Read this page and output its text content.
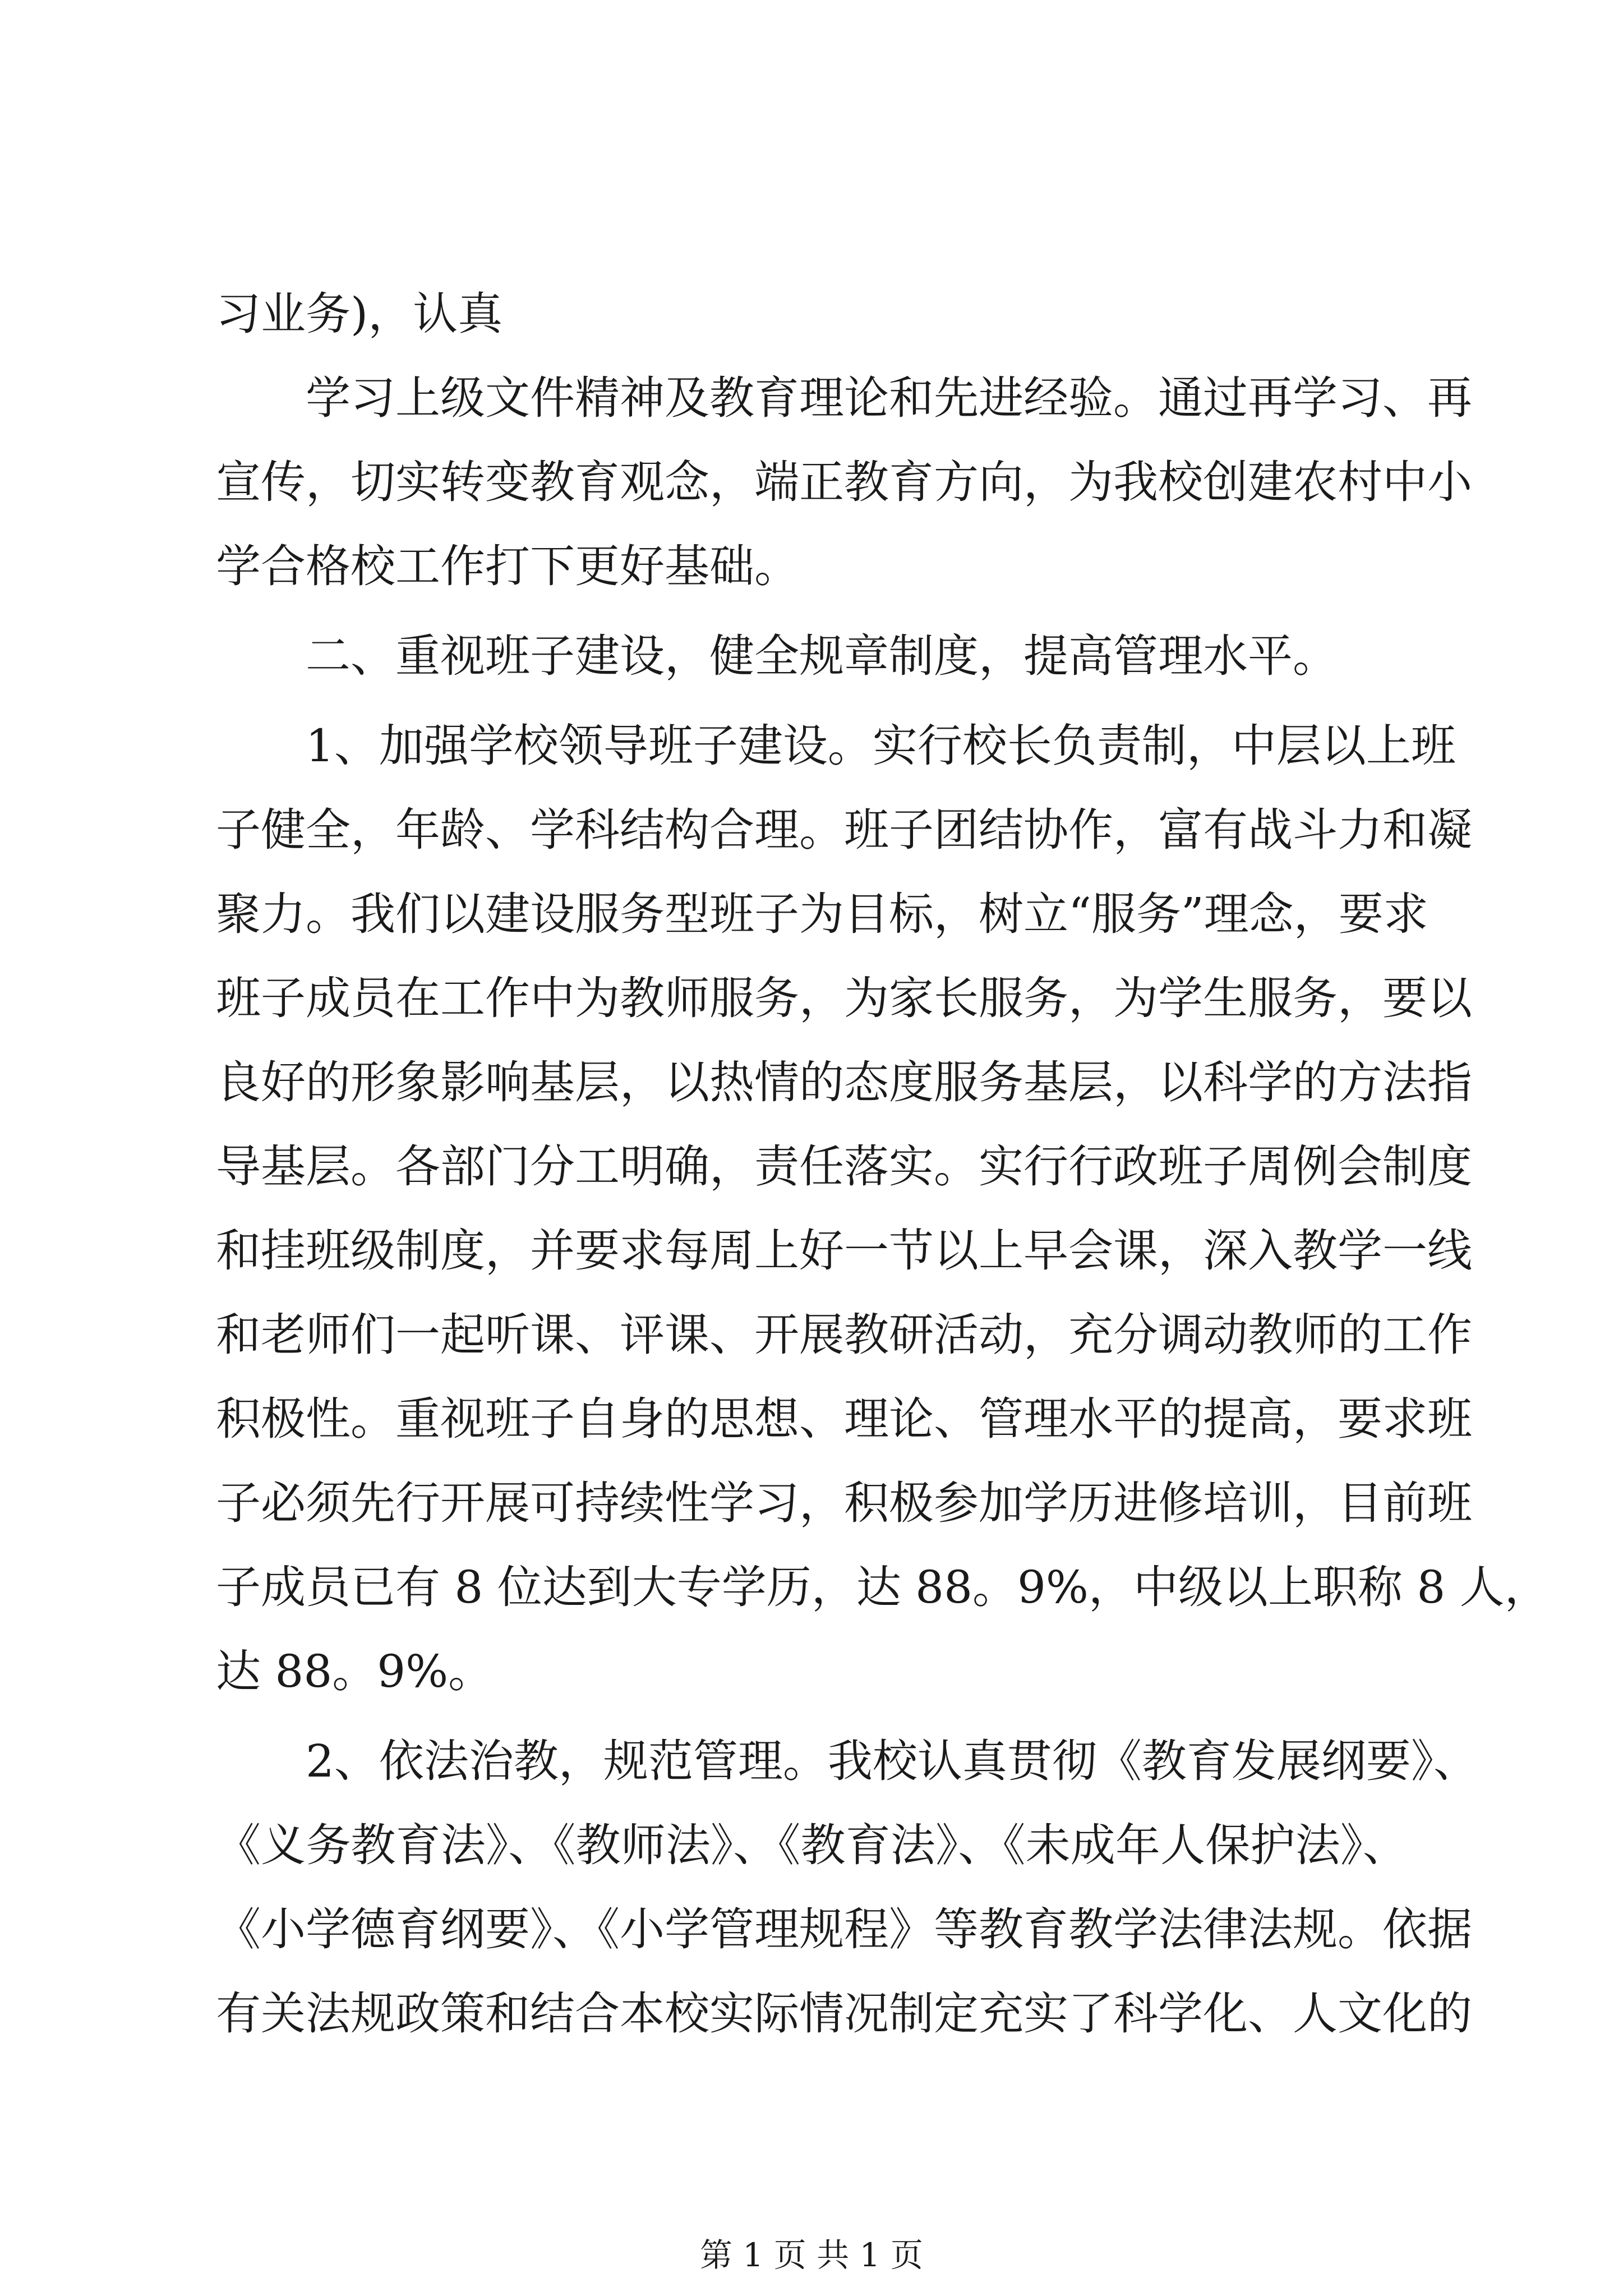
习业务)，认真
学习上级文件精神及教育理论和先进经验。通过再学习、再
宣传，切实转变教育观念，端正教育方向，为我校创建农村中小
学合格校工作打下更好基础。
二、重视班子建设，健全规章制度，提高管理水平。
1、加强学校领导班子建设。实行校长负责制，中层以上班
子健全，年龄、学科结构合理。班子团结协作，富有战斗力和凝
聚力。我们以建设服务型班子为目标，树立“服务”理念，要求
班子成员在工作中为教师服务，为家长服务，为学生服务，要以
良好的形象影响基层，以热情的态度服务基层，以科学的方法指
导基层。各部门分工明确，责任落实。实行行政班子周例会制度
和挂班级制度，并要求每周上好一节以上早会课，深入教学一线
和老师们一起听课、评课、开展教研活动，充分调动教师的工作
积极性。重视班子自身的思想、理论、管理水平的提高，要求班
子必须先行开展可持续性学习，积极参加学历进修培训，目前班
子成员已有 8 位达到大专学历，达 88。9%，中级以上职称 8 人，
达 88。9%。
2、依法治教，规范管理。我校认真贯彻《教育发展纲要》、
《义务教育法》、《教师法》、《教育法》、《未成年人保护法》、
《小学德育纲要》、《小学管理规程》等教育教学法律法规。依据
有关法规政策和结合本校实际情况制定充实了科学化、人文化的
第 1 页 共 1 页
